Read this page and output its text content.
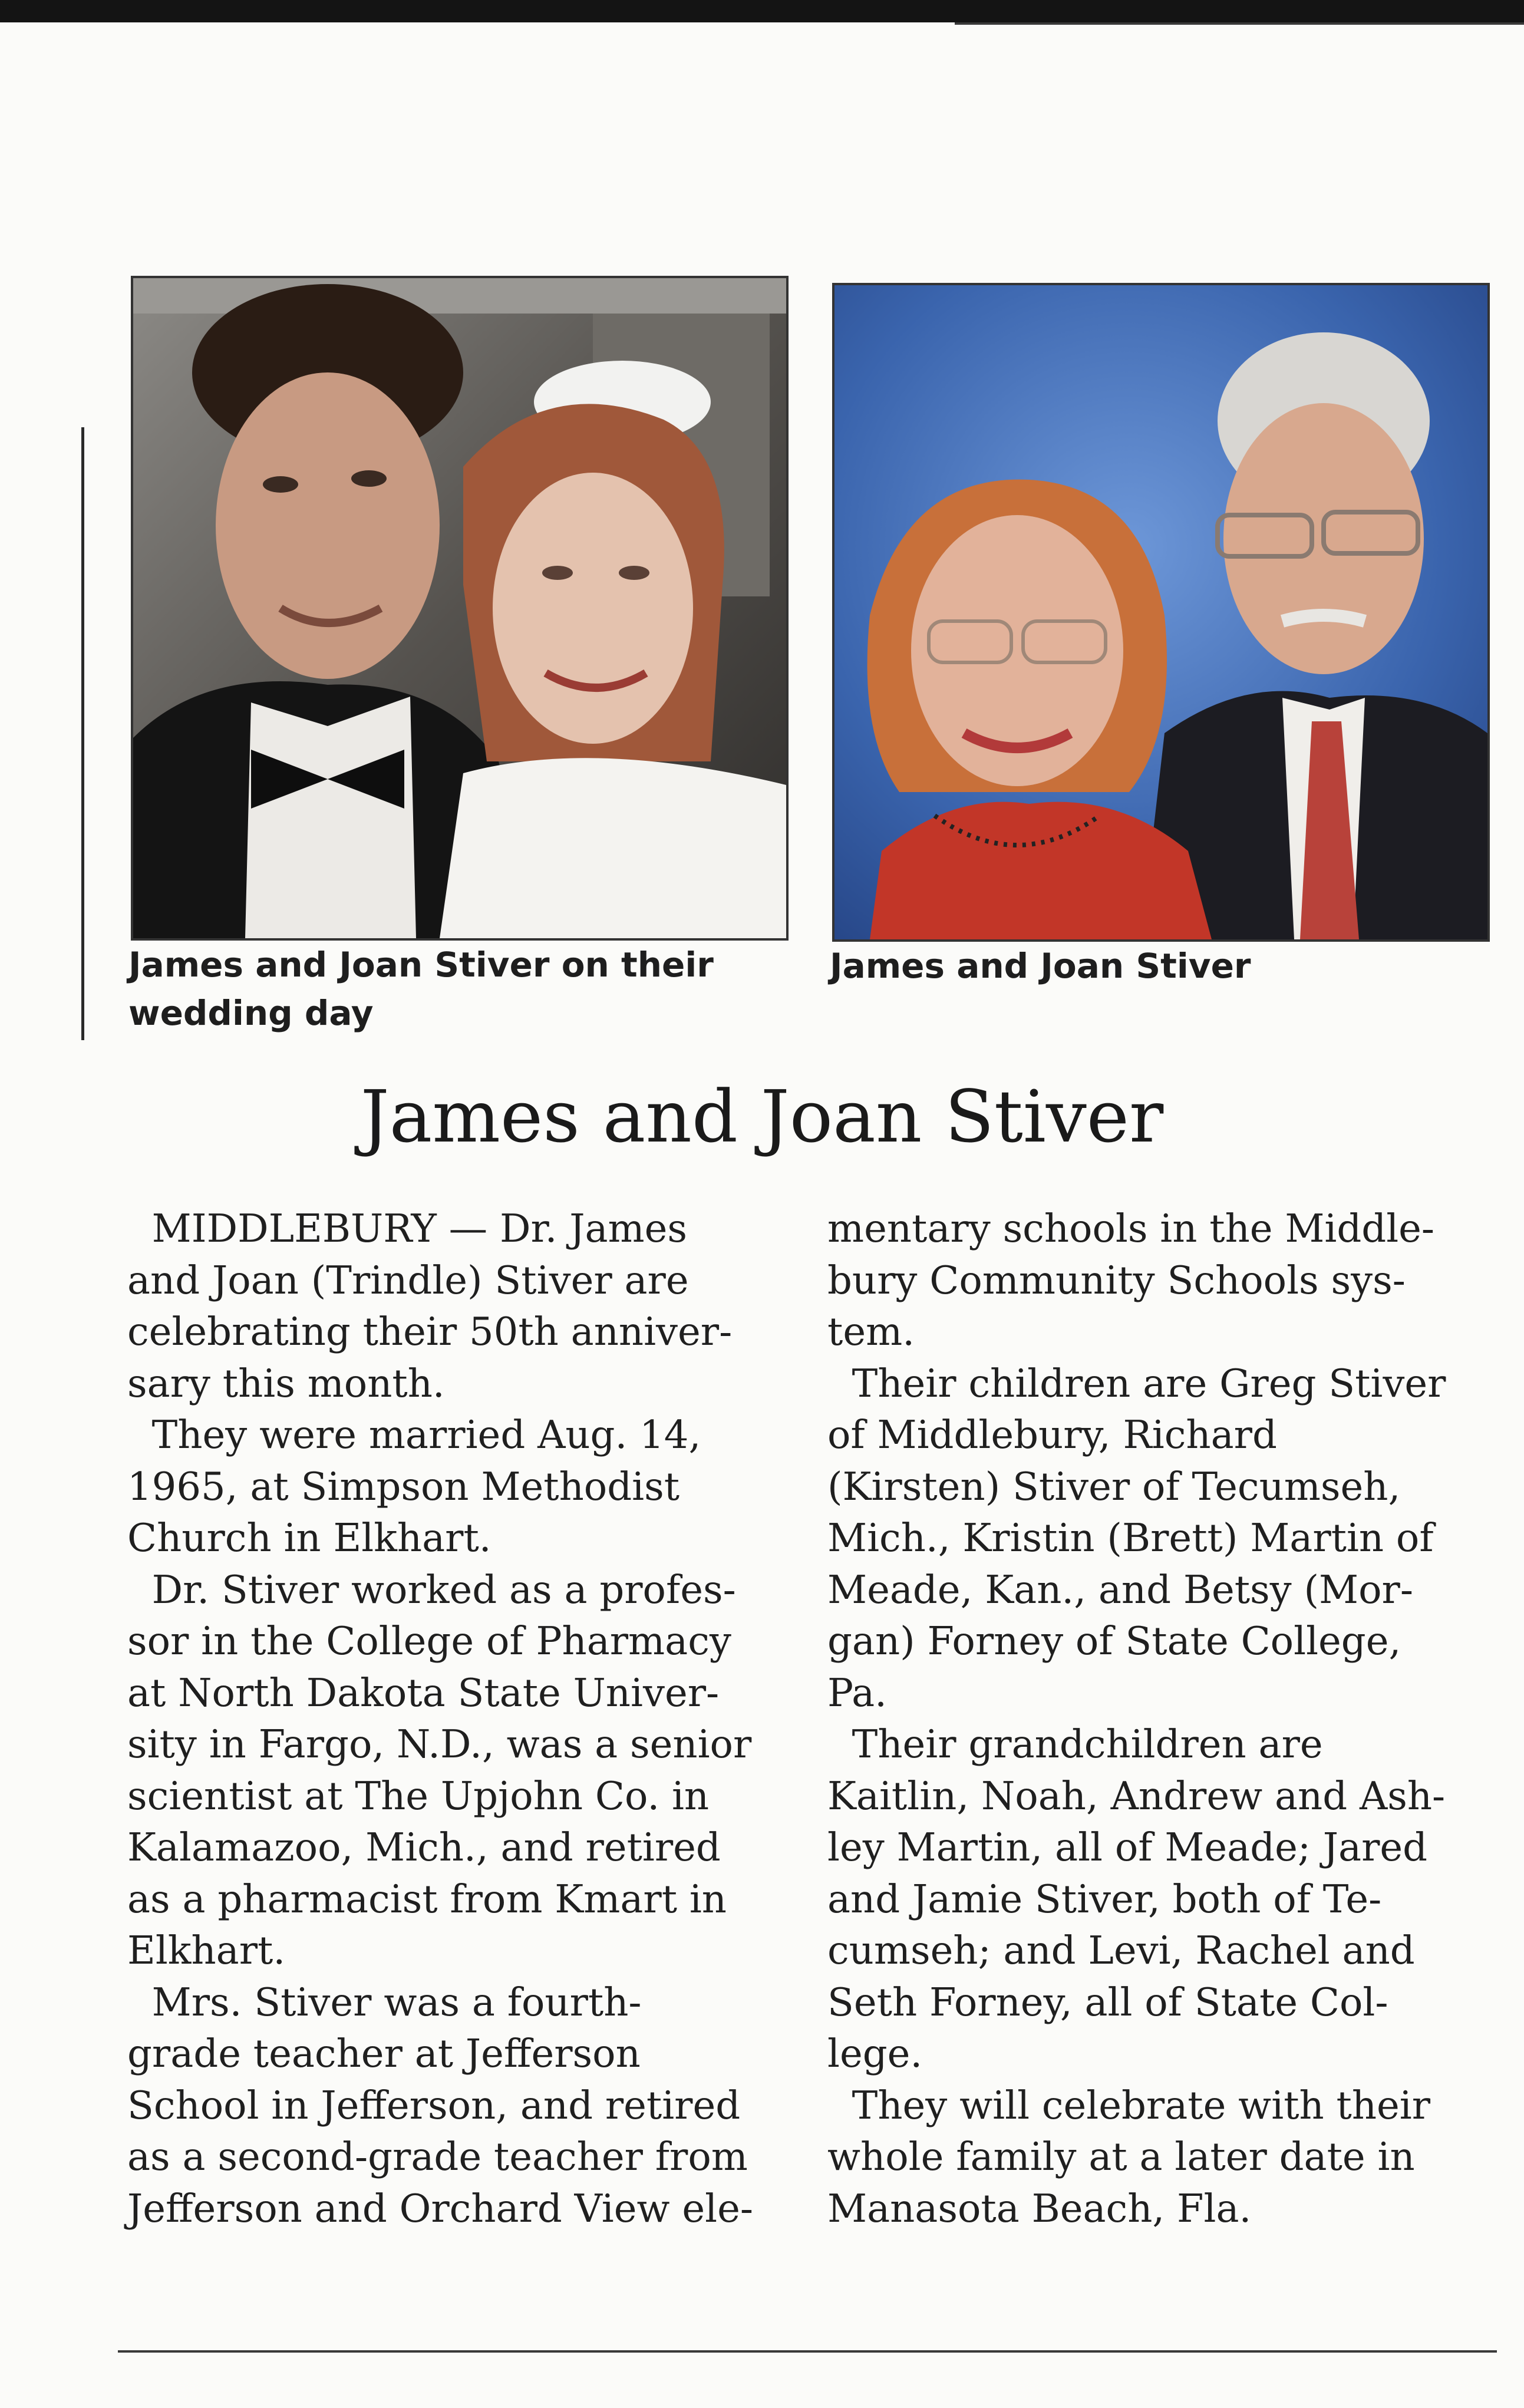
James and Joan Stiver on their
wedding day

James and Joan Stiver

James and Joan Stiver

MIDDLEBURY — Dr. James

and Joan (Trindle) Stiver are

celebrating their 50th anniver-

sary this month.

They were married Aug. 14,

1965, at Simpson Methodist

Church in Elkhart.

Dr. Stiver worked as a profes-

sor in the College of Pharmacy

at North Dakota State Univer-

sity in Fargo, N.D., was a senior

scientist at The Upjohn Co. in

Kalamazoo, Mich., and retired

as a pharmacist from Kmart in

Elkhart.

Mrs. Stiver was a fourth-

grade teacher at Jefferson

School in Jefferson, and retired

as a second-grade teacher from

Jefferson and Orchard View ele-

mentary schools in the Middle-

bury Community Schools sys-

tem.

Their children are Greg Stiver

of Middlebury, Richard

(Kirsten) Stiver of Tecumseh,

Mich., Kristin (Brett) Martin of

Meade, Kan., and Betsy (Mor-

gan) Forney of State College,

Pa.

Their grandchildren are

Kaitlin, Noah, Andrew and Ash-

ley Martin, all of Meade; Jared

and Jamie Stiver, both of Te-

cumseh; and Levi, Rachel and

Seth Forney, all of State Col-

lege.

They will celebrate with their

whole family at a later date in

Manasota Beach, Fla.
